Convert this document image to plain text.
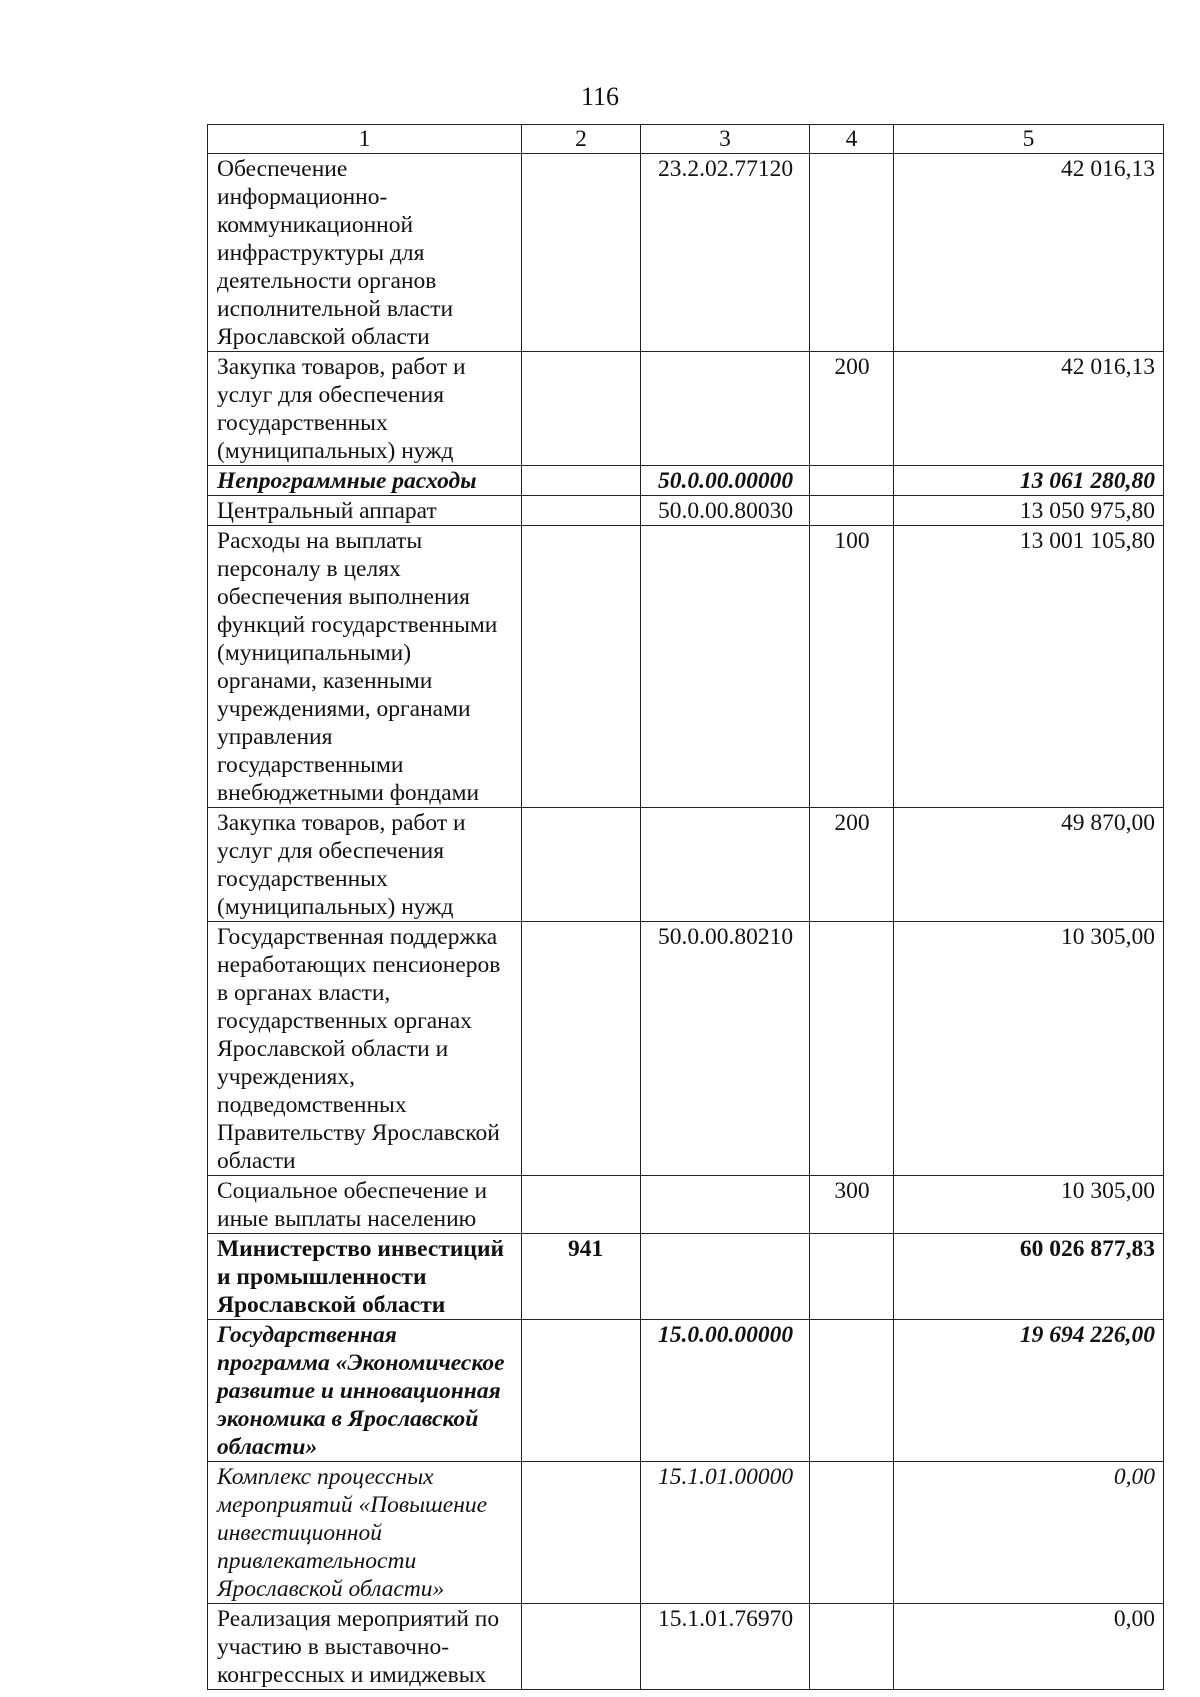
116
1	2	3	4	5
Обеспечение информационно-коммуникационной инфраструктуры для деятельности органов исполнительной власти Ярославской области		23.2.02.77120		42 016,13
Закупка товаров, работ и услуг для обеспечения государственных (муниципальных) нужд			200	42 016,13
Непрограммные расходы		50.0.00.00000		13 061 280,80
Центральный аппарат		50.0.00.80030		13 050 975,80
Расходы на выплаты персоналу в целях обеспечения выполнения функций государственными (муниципальными) органами, казенными учреждениями, органами управления государственными внебюджетными фондами			100	13 001 105,80
Закупка товаров, работ и услуг для обеспечения государственных (муниципальных) нужд			200	49 870,00
Государственная поддержка неработающих пенсионеров в органах власти, государственных органах Ярославской области и учреждениях, подведомственных Правительству Ярославской области		50.0.00.80210		10 305,00
Социальное обеспечение и иные выплаты населению			300	10 305,00
Министерство инвестиций и промышленности Ярославской области	941			60 026 877,83
Государственная программа «Экономическое развитие и инновационная экономика в Ярославской области»		15.0.00.00000		19 694 226,00
Комплекс процессных мероприятий «Повышение инвестиционной привлекательности Ярославской области»		15.1.01.00000		0,00
Реализация мероприятий по участию в выставочно-конгрессных и имиджевых		15.1.01.76970		0,00
